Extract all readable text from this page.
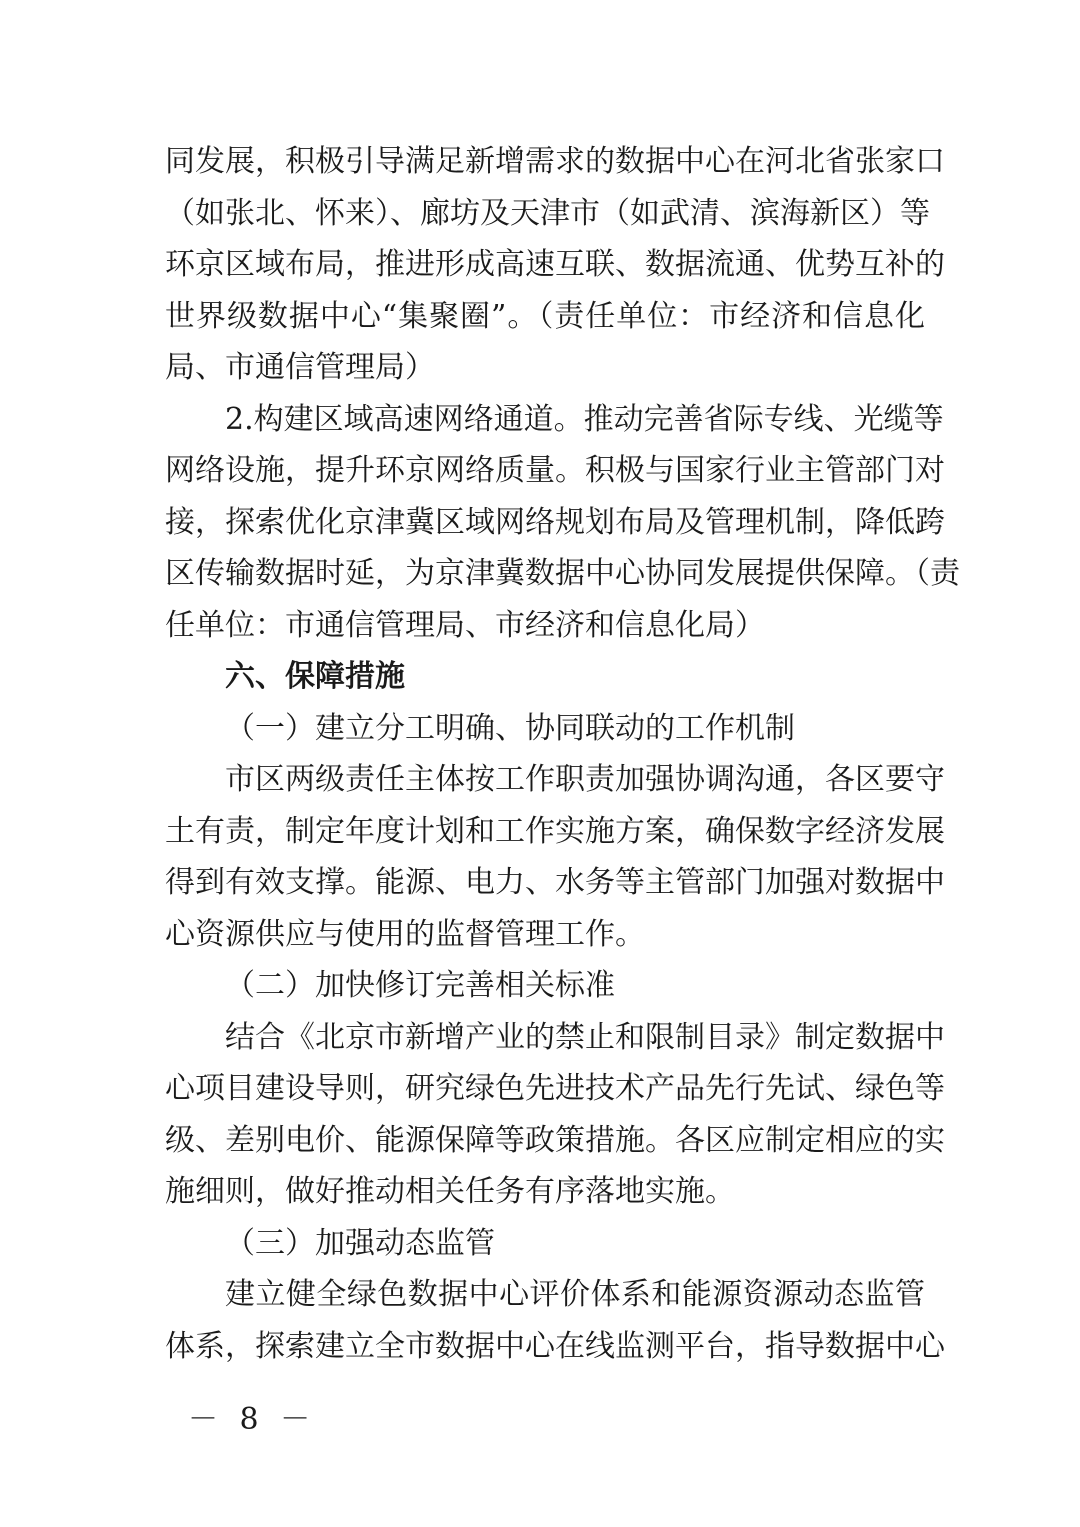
同发展，积极引导满足新增需求的数据中心在河北省张家口
（如张北、怀来）、廊坊及天津市（如武清、滨海新区）等
环京区域布局，推进形成高速互联、数据流通、优势互补的
世界级数据中心“集聚圈”。（责任单位：市经济和信息化
局、市通信管理局）
2.构建区域高速网络通道。推动完善省际专线、光缆等
网络设施，提升环京网络质量。积极与国家行业主管部门对
接，探索优化京津冀区域网络规划布局及管理机制，降低跨
区传输数据时延，为京津冀数据中心协同发展提供保障。（责
任单位：市通信管理局、市经济和信息化局）
六、保障措施
（一）建立分工明确、协同联动的工作机制
市区两级责任主体按工作职责加强协调沟通，各区要守
土有责，制定年度计划和工作实施方案，确保数字经济发展
得到有效支撑。能源、电力、水务等主管部门加强对数据中
心资源供应与使用的监督管理工作。
（二）加快修订完善相关标准
结合《北京市新增产业的禁止和限制目录》制定数据中
心项目建设导则，研究绿色先进技术产品先行先试、绿色等
级、差别电价、能源保障等政策措施。各区应制定相应的实
施细则，做好推动相关任务有序落地实施。
（三）加强动态监管
建立健全绿色数据中心评价体系和能源资源动态监管
体系，探索建立全市数据中心在线监测平台，指导数据中心
－ 8 －
